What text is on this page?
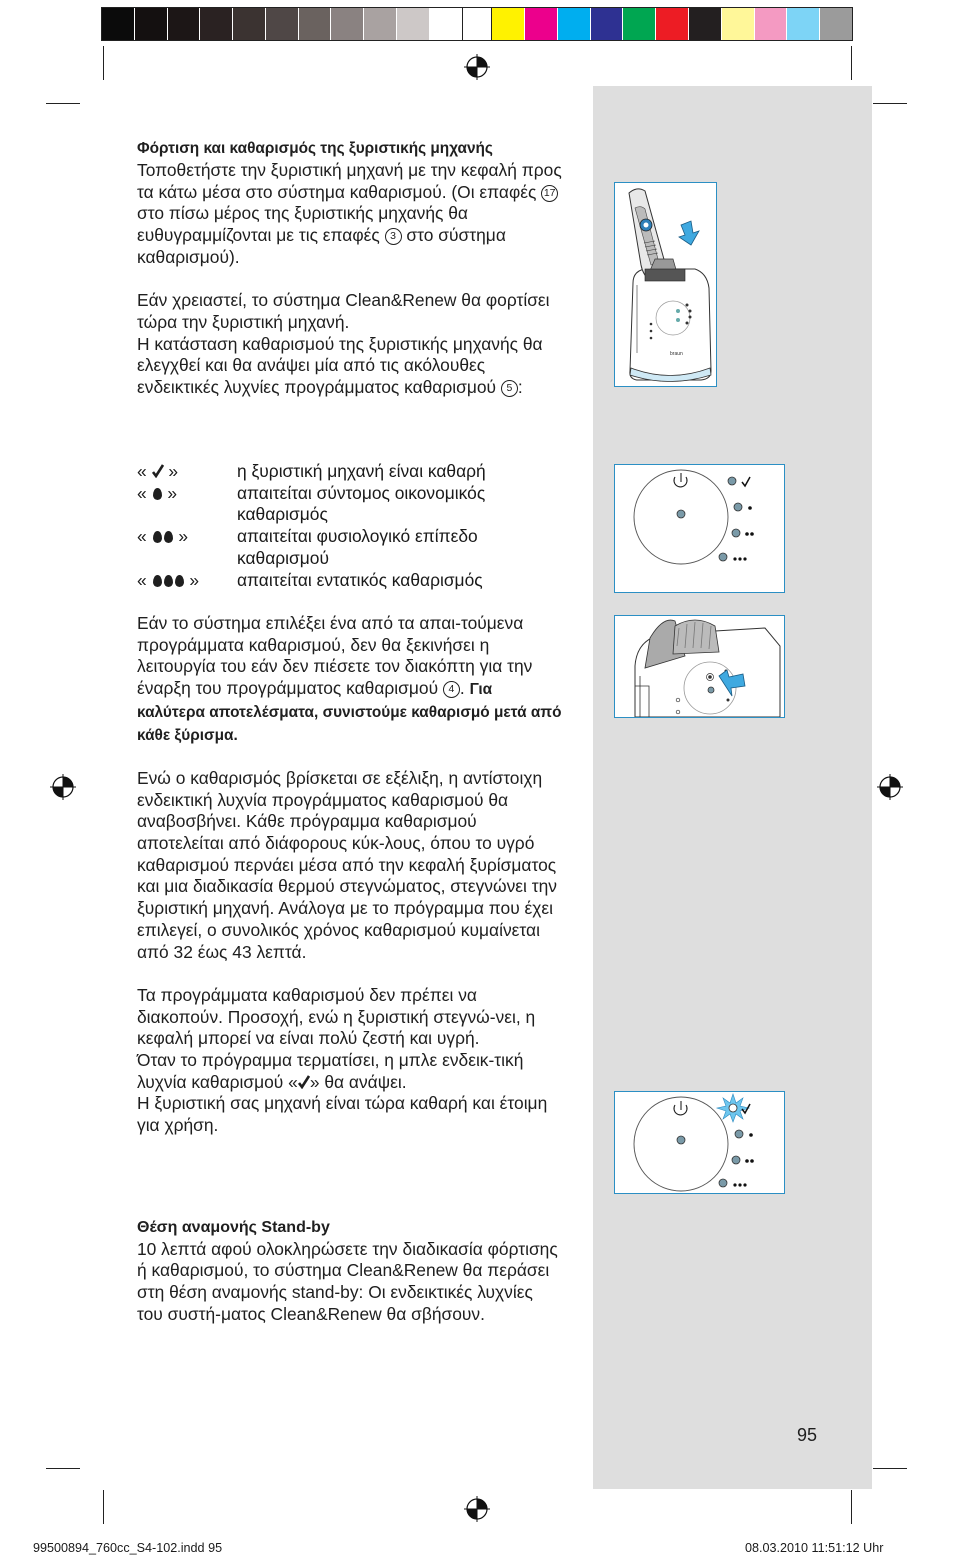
Φόρτιση και καθαρισμός της ξυριστικής μηχανής

Τοποθετήστε την ξυριστική μηχανή με την κεφαλή προς τα κάτω μέσα στο σύστημα καθαρισμού. (Οι επαφές 17 στο πίσω μέρος της ξυριστικής μηχανής θα ευθυγραμμίζονται με τις επαφές 3 στο σύστημα καθαρισμού).

Εάν χρειαστεί, το σύστημα Clean&Renew θα φορτίσει τώρα την ξυριστική μηχανή.

Η κατάσταση καθαρισμού της ξυριστικής μηχανής θα ελεγχθεί και θα ανάψει μία από τις ακόλουθες ενδεικτικές λυχνίες προγράμματος καθαρισμού 5 :

« »	η ξυριστική μηχανή είναι καθαρή
« »	απαιτείται σύντομος οικονομικός καθαρισμός
« »	απαιτείται φυσιολογικό επίπεδο καθαρισμού
« »	απαιτείται εντατικός καθαρισμός

Εάν το σύστημα επιλέξει ένα από τα απαι-τούμενα προγράμματα καθαρισμού, δεν θα ξεκινήσει η λειτουργία του εάν δεν πιέσετε τον διακόπτη για την έναρξη του προγράμματος καθαρισμού 4 . Για καλύτερα αποτελέσματα, συνιστούμε καθαρισμό μετά από κάθε ξύρισμα.

Ενώ ο καθαρισμός βρίσκεται σε εξέλιξη, η αντίστοιχη ενδεικτική λυχνία προγράμματος καθαρισμού θα αναβοσβήνει. Κάθε πρόγραμμα καθαρισμού αποτελείται από διάφορους κύκ-λους, όπου το υγρό καθαρισμού περνάει μέσα από την κεφαλή ξυρίσματος και μια διαδικασία θερμού στεγνώματος, στεγνώνει την ξυριστική μηχανή. Ανάλογα με το πρόγραμμα που έχει επιλεγεί, ο συνολικός χρόνος καθαρισμού κυμαίνεται από 32 έως 43 λεπτά.

Τα προγράμματα καθαρισμού δεν πρέπει να διακοπούν. Προσοχή, ενώ η ξυριστική στεγνώ-νει, η κεφαλή μπορεί να είναι πολύ ζεστή και υγρή.

Όταν το πρόγραμμα τερματίσει, η μπλε ενδεικ-τική λυχνία καθαρισμού « » θα ανάψει.

Η ξυριστική σας μηχανή είναι τώρα καθαρή και έτοιμη για χρήση.

Θέση αναμονής Stand-by

10 λεπτά αφού ολοκληρώσετε την διαδικασία φόρτισης ή καθαρισμού, το σύστημα Clean&Renew θα περάσει στη θέση αναμονής stand-by: Οι ενδεικτικές λυχνίες του συστή-ματος Clean&Renew θα σβήσουν.

braun
95
99500894_760cc_S4-102.indd 95	08.03.2010 11:51:12 Uhr
